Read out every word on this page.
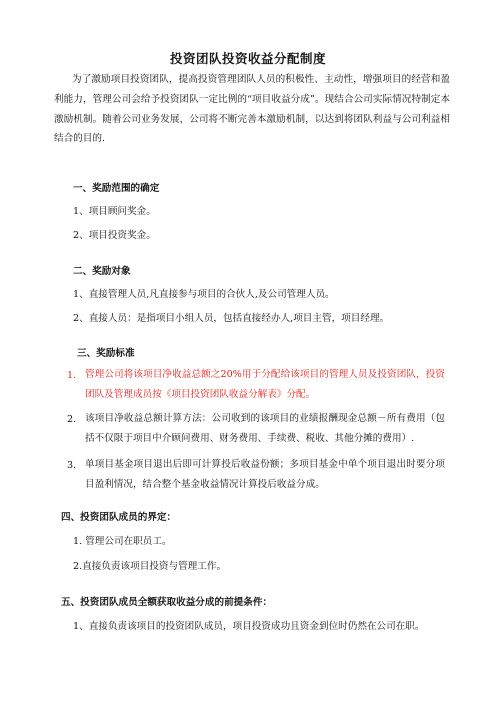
投资团队投资收益分配制度
为了激励项目投资团队，提高投资管理团队人员的积极性、主动性，增强项目的经营和盈利能力，管理公司会给予投资团队一定比例的“项目收益分成”。现结合公司实际情况特制定本激励机制。随着公司业务发展，公司将不断完善本激励机制，以达到将团队利益与公司利益相结合的目的.
一、奖励范围的确定
1、项目顾问奖金。
2、项目投资奖金。
二、奖励对象
1、直接管理人员,凡直接参与项目的合伙人,及公司管理人员。
2、直接人员：是指项目小组人员，包括直接经办人,项目主管，项目经理。
三、奖励标准
1. 管理公司将该项目净收益总额之20%用于分配给该项目的管理人员及投资团队，投资团队及管理成员按《项目投资团队收益分解表》分配。
2. 该项目净收益总额计算方法：公司收到的该项目的业绩报酬现金总额－所有费用（包括不仅限于项目中介顾问费用、财务费用、手续费、税收、其他分摊的费用）.
3. 单项目基金项目退出后即可计算投后收益份额；多项目基金中单个项目退出时要分项目盈利情况，结合整个基金收益情况计算投后收益分成。
四、投资团队成员的界定：
1. 管理公司在职员工。
2.直接负责该项目投资与管理工作。
五、投资团队成员全额获取收益分成的前提条件：
1、直接负责该项目的投资团队成员，项目投资成功且资金到位时仍然在公司在职。
